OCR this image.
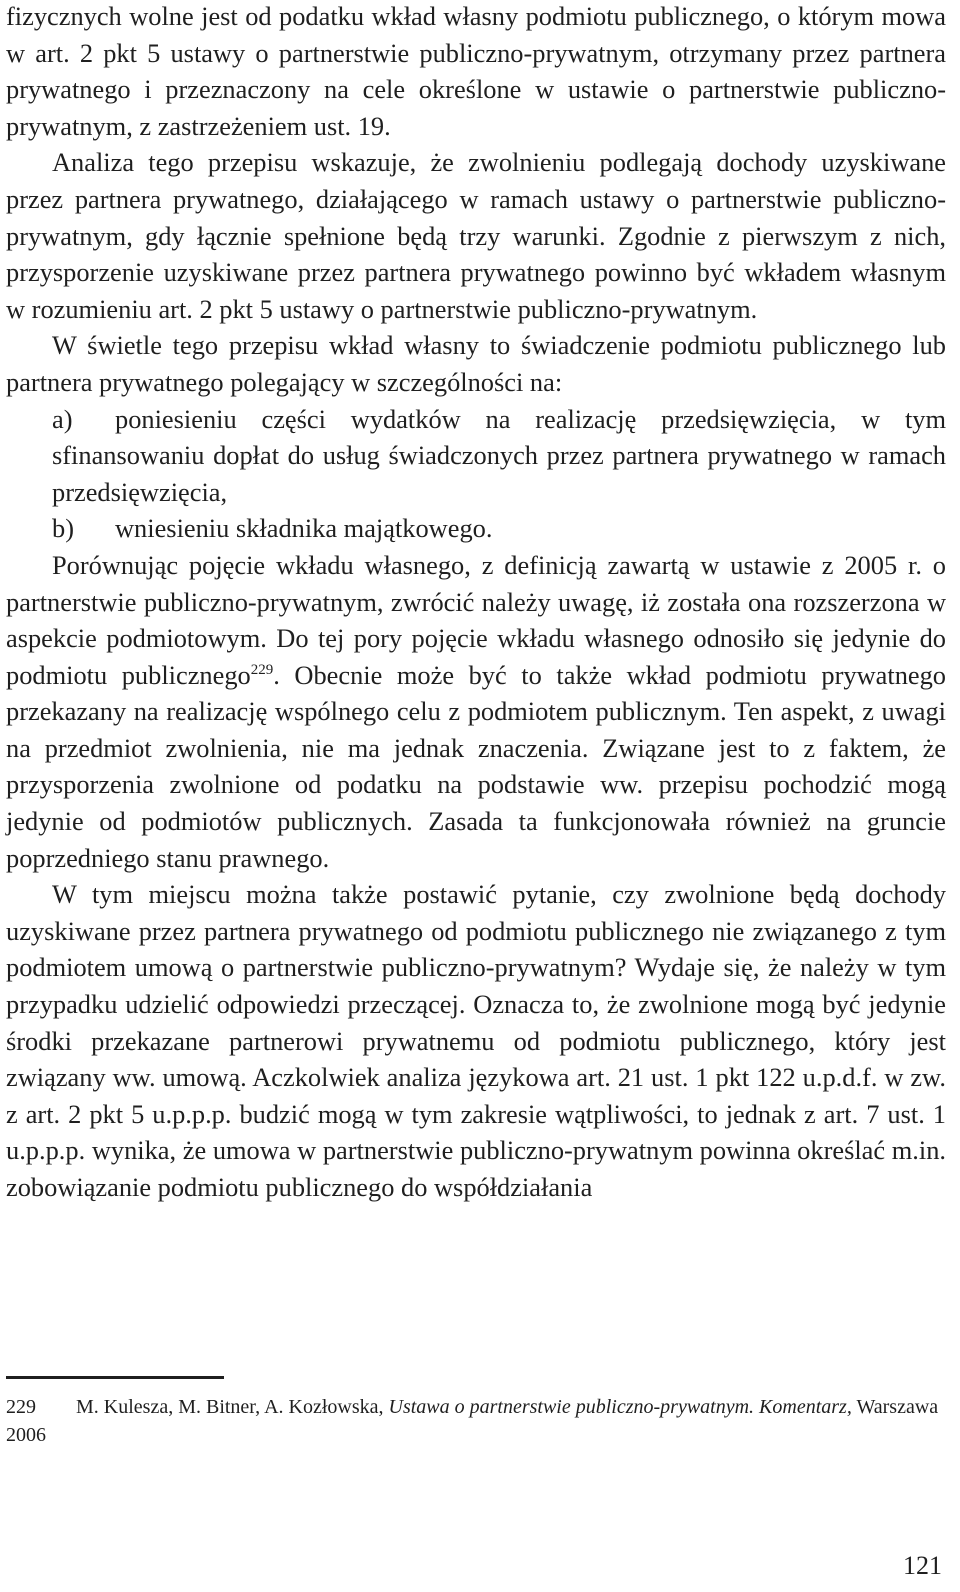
fizycznych wolne jest od podatku wkład własny podmiotu publicznego, o którym mowa w art. 2 pkt 5 ustawy o partnerstwie publiczno-prywatnym, otrzymany przez partnera prywatnego i przeznaczony na cele określone w ustawie o partnerstwie publiczno-prywatnym, z zastrzeżeniem ust. 19.

Analiza tego przepisu wskazuje, że zwolnieniu podlegają dochody uzyskiwane przez partnera prywatnego, działającego w ramach ustawy o partnerstwie publiczno-prywatnym, gdy łącznie spełnione będą trzy warunki. Zgodnie z pierwszym z nich, przysporzenie uzyskiwane przez partnera prywatnego powinno być wkładem własnym w rozumieniu art. 2 pkt 5 ustawy o partnerstwie publiczno-prywatnym.

W świetle tego przepisu wkład własny to świadczenie podmiotu publicznego lub partnera prywatnego polegający w szczególności na:

a) poniesieniu części wydatków na realizację przedsięwzięcia, w tym sfinansowaniu dopłat do usług świadczonych przez partnera prywatnego w ramach przedsięwzięcia,

b) wniesieniu składnika majątkowego.

Porównując pojęcie wkładu własnego, z definicją zawartą w ustawie z 2005 r. o partnerstwie publiczno-prywatnym, zwrócić należy uwagę, iż została ona rozszerzona w aspekcie podmiotowym. Do tej pory pojęcie wkładu własnego odnosiło się jedynie do podmiotu publicznego$^{229}$. Obecnie może być to także wkład podmiotu prywatnego przekazany na realizację wspólnego celu z podmiotem publicznym. Ten aspekt, z uwagi na przedmiot zwolnienia, nie ma jednak znaczenia. Związane jest to z faktem, że przysporzenia zwolnione od podatku na podstawie ww. przepisu pochodzić mogą jedynie od podmiotów publicznych. Zasada ta funkcjonowała również na gruncie poprzedniego stanu prawnego.

W tym miejscu można także postawić pytanie, czy zwolnione będą dochody uzyskiwane przez partnera prywatnego od podmiotu publicznego nie związanego z tym podmiotem umową o partnerstwie publiczno-prywatnym? Wydaje się, że należy w tym przypadku udzielić odpowiedzi przeczącej. Oznacza to, że zwolnione mogą być jedynie środki przekazane partnerowi prywatnemu od podmiotu publicznego, który jest związany ww. umową. Aczkolwiek analiza językowa art. 21 ust. 1 pkt 122 u.p.d.f. w zw. z art. 2 pkt 5 u.p.p.p. budzić mogą w tym zakresie wątpliwości, to jednak z art. 7 ust. 1 u.p.p.p. wynika, że umowa w partnerstwie publiczno-prywatnym powinna określać m.in. zobowiązanie podmiotu publicznego do współdziałania

229 M. Kulesza, M. Bitner, A. Kozłowska, Ustawa o partnerstwie publiczno-prywatnym. Komentarz, Warszawa 2006
121
